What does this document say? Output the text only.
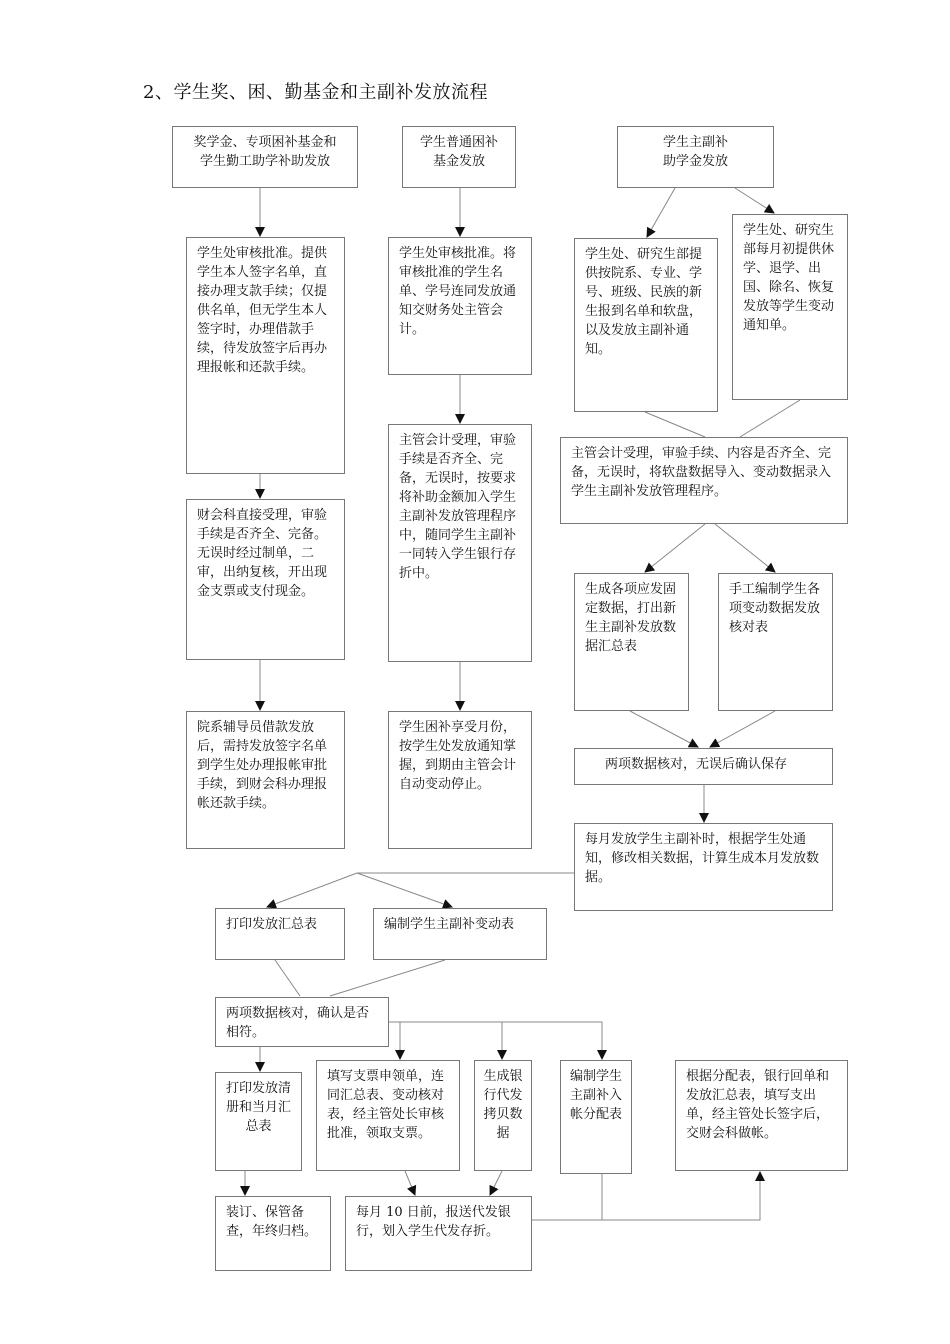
2、学生奖、困、勤基金和主副补发放流程
奖学金、专项困补基金和
学生勤工助学补助发放
学生普通困补
基金发放
学生主副补
助学金发放
学生处审核批准。提供学生本人签字名单，直接办理支款手续；仅提供名单，但无学生本人签字时，办理借款手续，待发放签字后再办理报帐和还款手续。
财会科直接受理，审验手续是否齐全、完备。无误时经过制单，二审，出纳复核，开出现金支票或支付现金。
院系辅导员借款发放后，需持发放签字名单到学生处办理报帐审批手续，到财会科办理报帐还款手续。
学生处审核批准。将审核批准的学生名单、学号连同发放通知交财务处主管会计。
主管会计受理，审验手续是否齐全、完备，无误时，按要求将补助金额加入学生主副补发放管理程序中，随同学生主副补一同转入学生银行存折中。
学生困补享受月份，按学生处发放通知掌握，到期由主管会计自动变动停止。
学生处、研究生部提供按院系、专业、学号、班级、民族的新生报到名单和软盘，以及发放主副补通知。
学生处、研究生部每月初提供休学、退学、出国、除名、恢复发放等学生变动通知单。
主管会计受理，审验手续、内容是否齐全、完备，无误时，将软盘数据导入、变动数据录入学生主副补发放管理程序。
生成各项应发固定数据，打出新生主副补发放数据汇总表
手工编制学生各项变动数据发放核对表
两项数据核对，无误后确认保存
每月发放学生主副补时，根据学生处通知，修改相关数据，计算生成本月发放数据。
打印发放汇总表	编制学生主副补变动表
两项数据核对，确认是否相符。
打印发放清册和当月汇总表
填写支票申领单，连同汇总表、变动核对表，经主管处长审核批准，领取支票。
生成银行代发拷贝数据
编制学生主副补入帐分配表
根据分配表，银行回单和发放汇总表，填写支出单，经主管处长签字后，交财会科做帐。
装订、保管备查，年终归档。
每月 10 日前，报送代发银行，划入学生代发存折。
